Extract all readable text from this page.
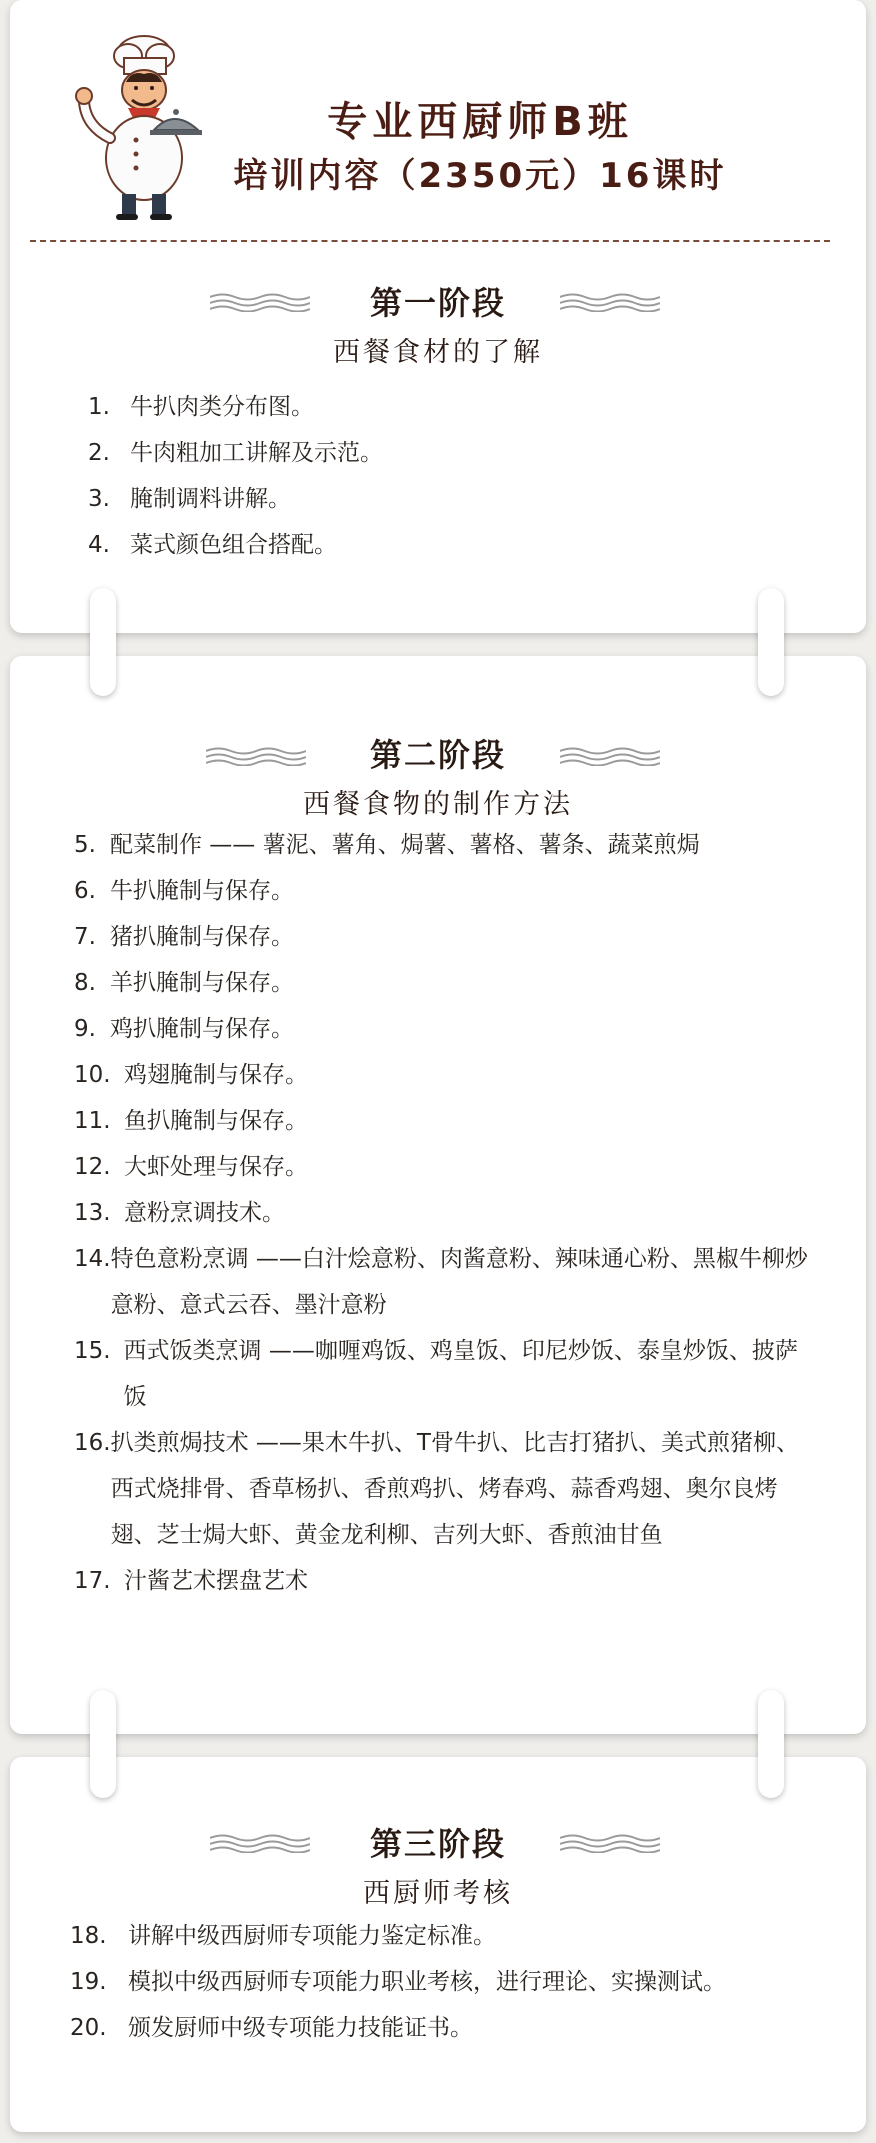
专业西厨师B班
培训内容（2350元）16课时
第一阶段
西餐食材的了解
1. 牛扒肉类分布图。
2. 牛肉粗加工讲解及示范。
3. 腌制调料讲解。
4. 菜式颜色组合搭配。
第二阶段
西餐食物的制作方法
5. 配菜制作 —— 薯泥、薯角、焗薯、薯格、薯条、蔬菜煎焗
6. 牛扒腌制与保存。
7. 猪扒腌制与保存。
8. 羊扒腌制与保存。
9. 鸡扒腌制与保存。
10. 鸡翅腌制与保存。
11. 鱼扒腌制与保存。
12. 大虾处理与保存。
13. 意粉烹调技术。
14. 特色意粉烹调 ——白汁烩意粉、肉酱意粉、辣味通心粉、黑椒牛柳炒意粉、意式云吞、墨汁意粉
15. 西式饭类烹调 ——咖喱鸡饭、鸡皇饭、印尼炒饭、泰皇炒饭、披萨饭
16. 扒类煎焗技术 ——果木牛扒、T骨牛扒、比吉打猪扒、美式煎猪柳、西式烧排骨、香草杨扒、香煎鸡扒、烤春鸡、蒜香鸡翅、奥尔良烤翅、芝士焗大虾、黄金龙利柳、吉列大虾、香煎油甘鱼
17. 汁酱艺术摆盘艺术
第三阶段
西厨师考核
18. 讲解中级西厨师专项能力鉴定标准。
19. 模拟中级西厨师专项能力职业考核，进行理论、实操测试。
20. 颁发厨师中级专项能力技能证书。
